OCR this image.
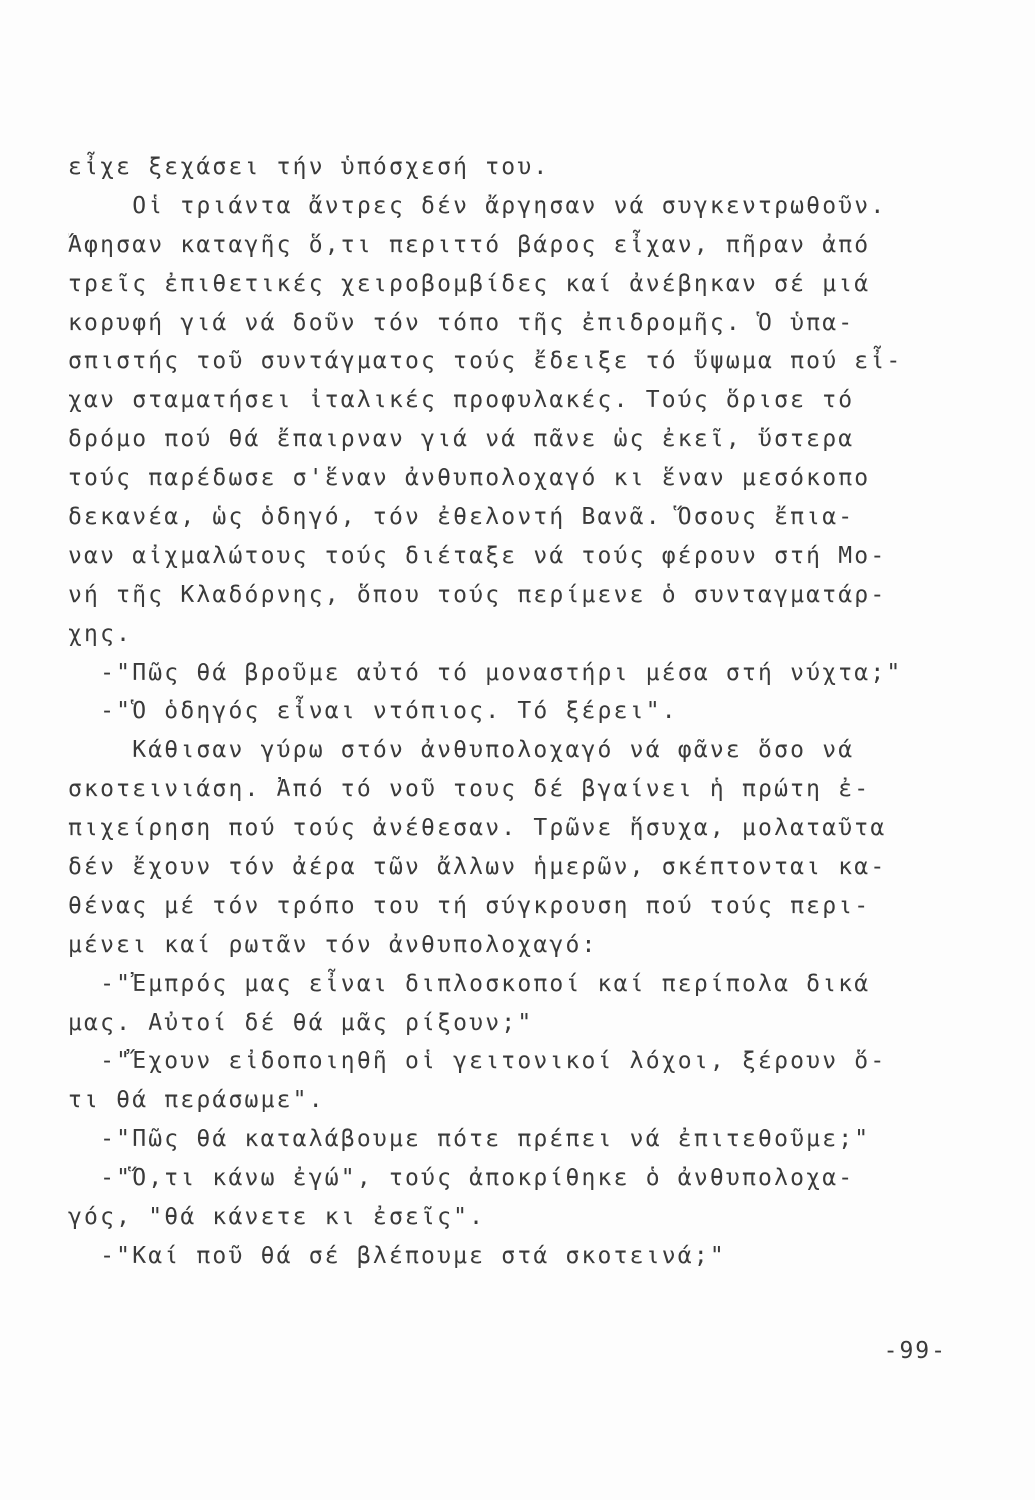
εἶχε ξεχάσει τήν ὑπόσχεσή του.
Οἱ τριάντα ἄντρες δέν ἄργησαν νά συγκεντρωθοῦν.
Ἄφησαν καταγῆς ὅ,τι περιττό βάρος εἶχαν, πῆραν ἀπό
τρεῖς ἐπιθετικές χειροβομβίδες καί ἀνέβηκαν σέ μιά
κορυφή γιά νά δοῦν τόν τόπο τῆς ἐπιδρομῆς. Ὁ ὑπα-
σπιστής τοῦ συντάγματος τούς ἔδειξε τό ὕψωμα πού εἶ-
χαν σταματήσει ἰταλικές προφυλακές. Τούς ὅρισε τό
δρόμο πού θά ἔπαιρναν γιά νά πᾶνε ὡς ἐκεῖ, ὕστερα
τούς παρέδωσε σ'ἕναν ἀνθυπολοχαγό κι ἕναν μεσόκοπο
δεκανέα, ὡς ὁδηγό, τόν ἐθελοντή Βανᾶ. Ὅσους ἔπια-
ναν αἰχμαλώτους τούς διέταξε νά τούς φέρουν στή Μο-
νή τῆς Κλαδόρνης, ὅπου τούς περίμενε ὁ συνταγματάρ-
χης.
-"Πῶς θά βροῦμε αὐτό τό μοναστήρι μέσα στή νύχτα;"
-"Ὁ ὁδηγός εἶναι ντόπιος. Τό ξέρει".
Κάθισαν γύρω στόν ἀνθυπολοχαγό νά φᾶνε ὅσο νά
σκοτεινιάση. Ἀπό τό νοῦ τους δέ βγαίνει ἡ πρώτη ἐ-
πιχείρηση πού τούς ἀνέθεσαν. Τρῶνε ἥσυχα, μολαταῦτα
δέν ἔχουν τόν ἀέρα τῶν ἄλλων ἡμερῶν, σκέπτονται κα-
θένας μέ τόν τρόπο του τή σύγκρουση πού τούς περι-
μένει καί ρωτᾶν τόν ἀνθυπολοχαγό:
-"Ἐμπρός μας εἶναι διπλοσκοποί καί περίπολα δικά
μας. Αὐτοί δέ θά μᾶς ρίξουν;"
-"Ἔχουν εἰδοποιηθῆ οἱ γειτονικοί λόχοι, ξέρουν ὅ-
τι θά περάσωμε".
-"Πῶς θά καταλάβουμε πότε πρέπει νά ἐπιτεθοῦμε;"
-"Ὅ,τι κάνω ἐγώ", τούς ἀποκρίθηκε ὁ ἀνθυπολοχα-
γός, "θά κάνετε κι ἐσεῖς".
-"Καί ποῦ θά σέ βλέπουμε στά σκοτεινά;"
-99-
